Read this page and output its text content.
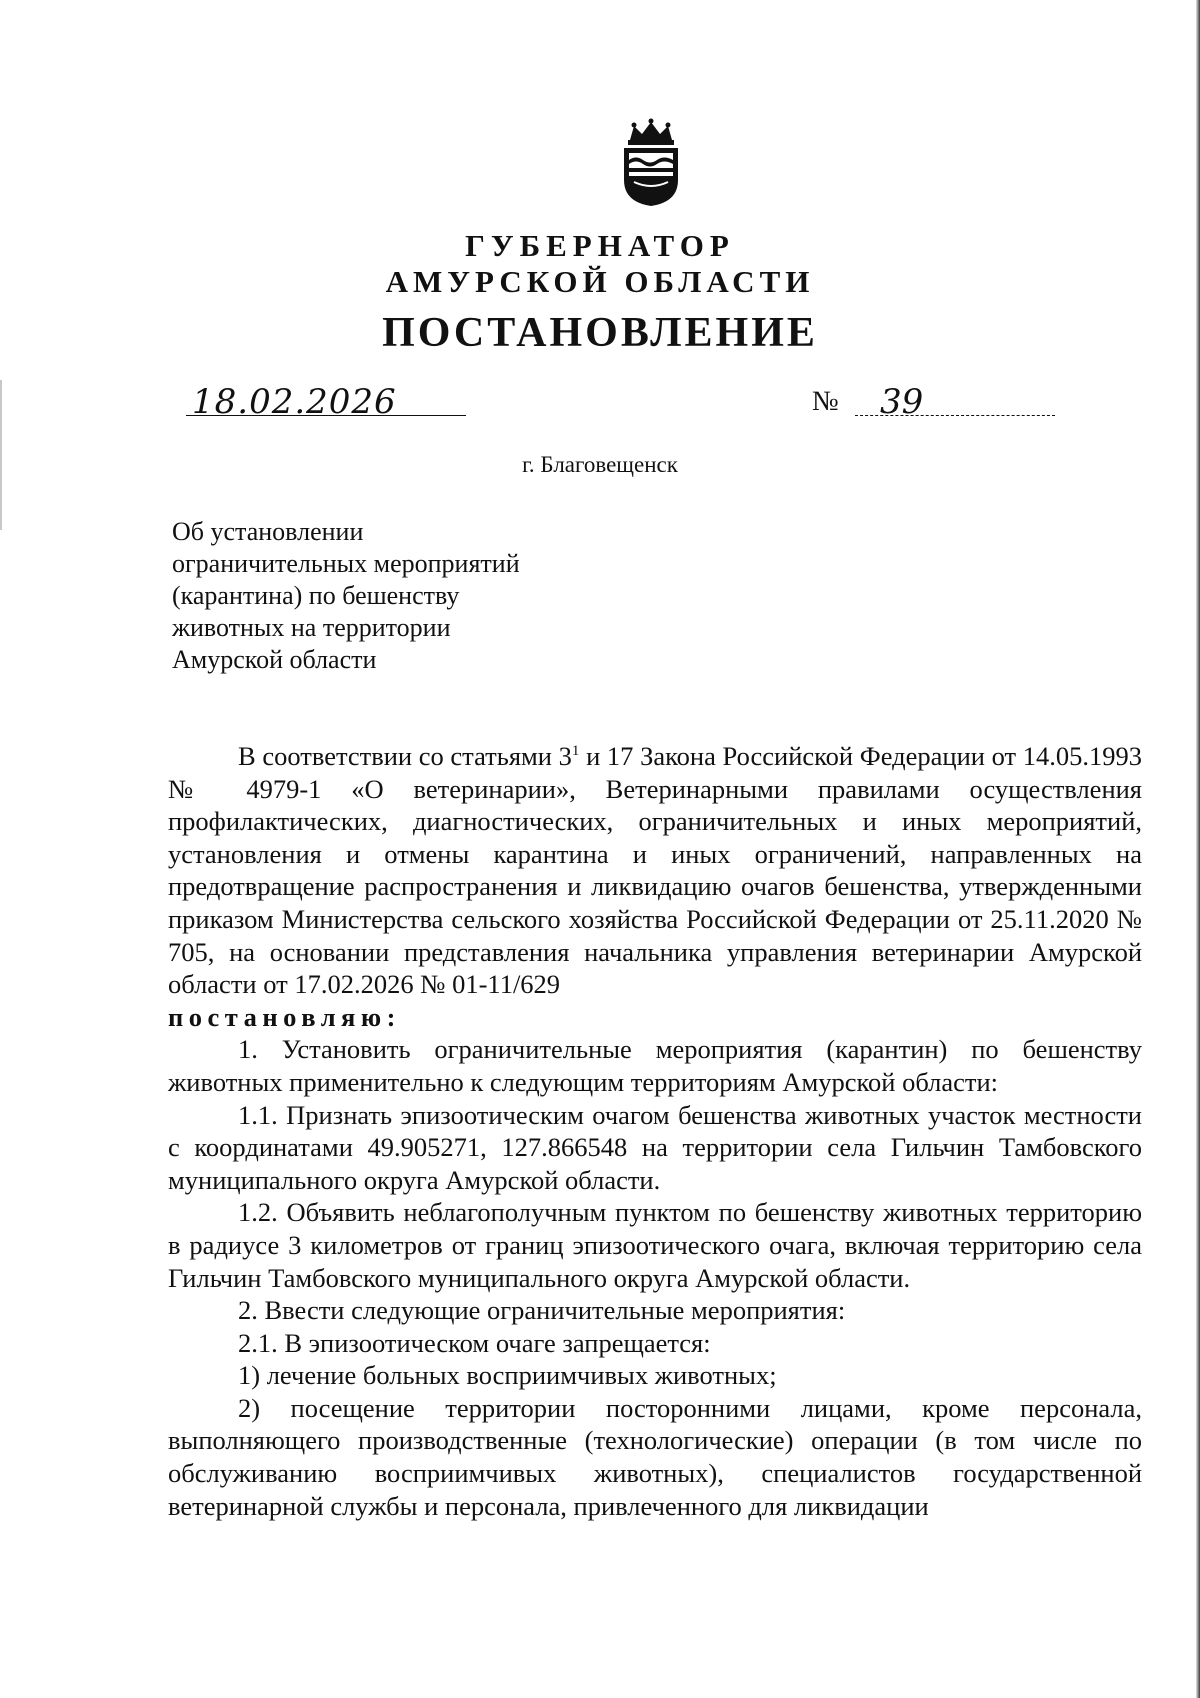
ГУБЕРНАТОР
АМУРСКОЙ ОБЛАСТИ
ПОСТАНОВЛЕНИЕ
18.02.2026	№ 39
г. Благовещенск
Об установлении
ограничительных мероприятий
(карантина) по бешенству
животных на территории
Амурской области

В соответствии со статьями $3^1$ и 17 Закона Российской Федерации от 14.05.1993 № 4979-1 «О ветеринарии», Ветеринарными правилами осуществления профилактических, диагностических, ограничительных и иных мероприятий, установления и отмены карантина и иных ограничений, направленных на предотвращение распространения и ликвидацию очагов бешенства, утвержденными приказом Министерства сельского хозяйства Российской Федерации от 25.11.2020 № 705, на основании представления начальника управления ветеринарии Амурской области от 17.02.2026 № 01-11/629

постановляю:

1. Установить ограничительные мероприятия (карантин) по бешенству животных применительно к следующим территориям Амурской области:

1.1. Признать эпизоотическим очагом бешенства животных участок местности с координатами 49.905271, 127.866548 на территории села Гильчин Тамбовского муниципального округа Амурской области.

1.2. Объявить неблагополучным пунктом по бешенству животных территорию в радиусе 3 километров от границ эпизоотического очага, включая территорию села Гильчин Тамбовского муниципального округа Амурской области.

2. Ввести следующие ограничительные мероприятия:

2.1. В эпизоотическом очаге запрещается:

1) лечение больных восприимчивых животных;

2) посещение территории посторонними лицами, кроме персонала, выполняющего производственные (технологические) операции (в том числе по обслуживанию восприимчивых животных), специалистов государственной ветеринарной службы и персонала, привлеченного для ликвидации
